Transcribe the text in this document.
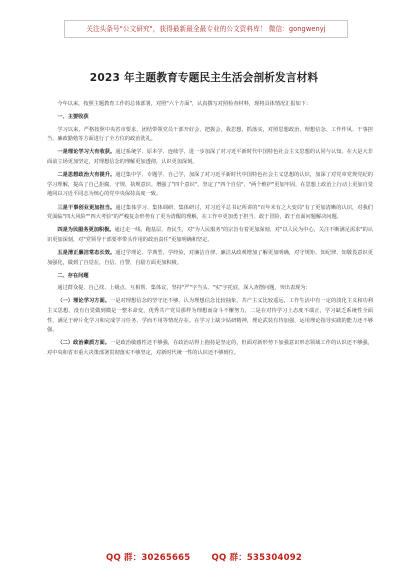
关注头条号"公文研究"，获得最新最全最专业的公文资料库！ 微信：gongwenyj
2023 年主题教育专题民主生活会剖析发言材料

今年以来，按照主题教育工作的总体部署，对照"六个方面"，认真撰写对照检查材料，现将具体情况汇报如下：

一、主要收获

学习以来，严格按照中央省市要求，团结带领党员干部开好会，把握会，我思想，抓落实，对照思想政治、理想信念、工作作风、干事担当、廉政勤勉等方面进行了全方位的政治洗礼。

一是理论学习大有收获。通过系统学、原本学、连续学，进一步加深了对习近平新时代中国特色社会主义思想的认同与认知。在大是大非面前立场更加坚定，对理想信念的理解更加透彻，认识更加深刻。

二是思想政治大有提升。通过集中学、专题学、自己学，加深了对习近平新时代中国特色社会主义思想的认识，加深了对党章党规党纪的学习理解，提高了自己拒腐、守规、执规意识。增强了"四个意识"、坚定了"四个自信"、"两个维护"更加牢固，在思想上政治上行动上更加自觉地同以习近平同志为核心的党中央保持高度一致。

三是干事创业更加担当。通过集体学习、集体调研、集体研讨，对习近平总书记所讲的"百年未有之大变局"有了更加清晰的认识，对我们党面临"四大风险""四大考验"的严峻复杂形势有了更为清醒的理解，在工作中更加勇于担当、敢于冒险，敢于直面问题解决问题。

四是为民服务更加积极。通过走一线、跑基层、查民生，对"为人民服务"的宗旨有着更加深刻、对"以人民为中心，关注不断满足需求"的认识更加深刻，对"党领导干部要率带头作用的政治责任"更加明确和坚定。

五是清正廉洁常态长效。通过学理论、学典型、学经验，对廉洁自律、廉洁从政观增加了解更加明确，对守规矩、知纪律、知敬畏意识更加强化，做到了自觉在，自信、自警，自励方面更加积极。

二、存在问题

通过群众提、自己找、上级点、互相帮、集体议，坚持"严"字当头、"实"字托底，深入查摆问题，突出表现为：

（一）理论学习方面。一是对理想信念的坚守还不够，认为理想信念比较抽象，共产主义比较遥远，工作生活中有一定的淡化主义和功利主义思想，没有自觉做到微是一整本命变，优秀共产党员那样为理想而奋斗不懈努力，二是在对待学习上态度不端正，学习缺乏系统性全面性，满足于碎片化学习和完成学习任务，学而不用等情况存在。在学习上缺少钻研精神，理论武装有待加强，运用理论指导实践的能力还不够强。

（二）政治素质方面。一是政治敏感性还不够强，在政治站得上抱持是坚定的，但面对新形势下加强意识形态领域工作的认识还不够强，对中央和省市重大决策部署贯彻落实不够坚定，对新时代统一性的认识还不够到位。

QQ 群：30265665 QQ 群：535304092
